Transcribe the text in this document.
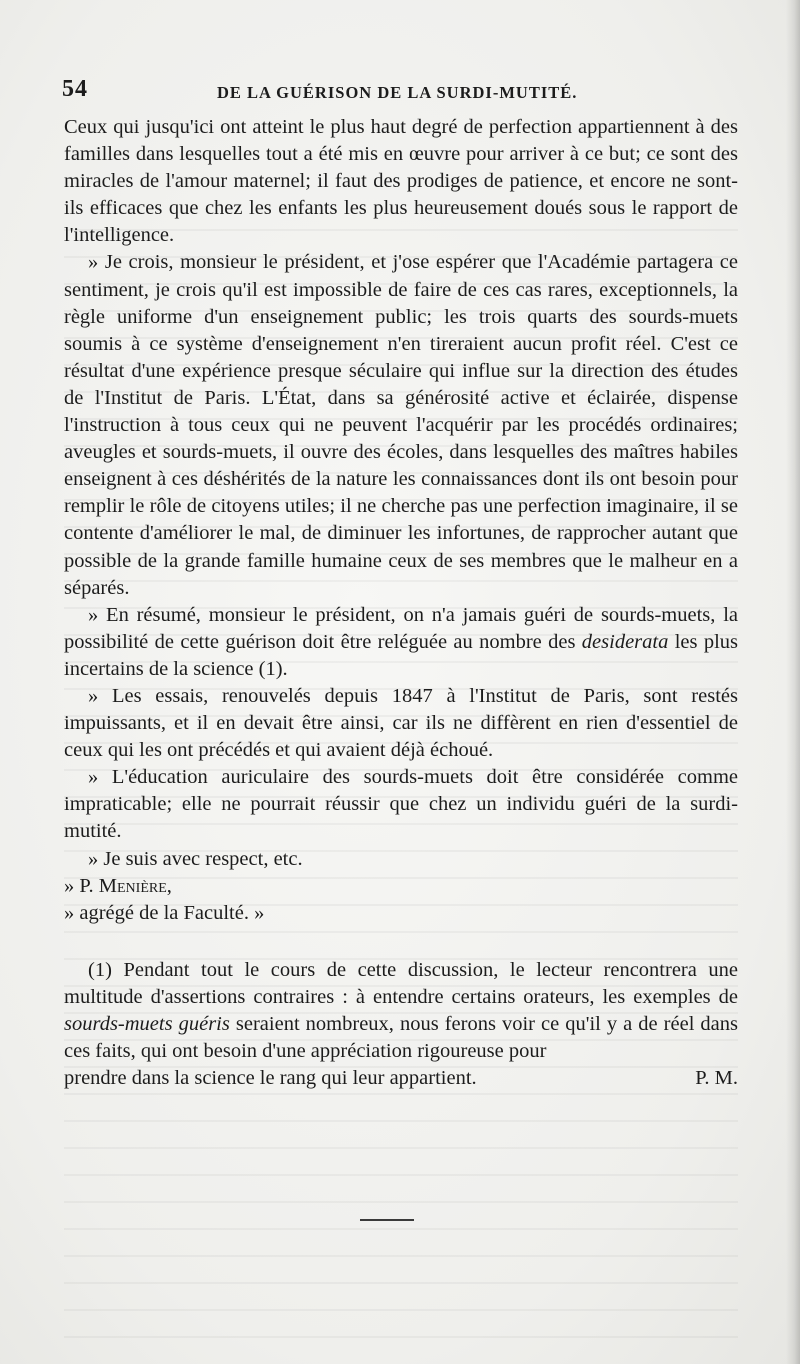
54	DE LA GUÉRISON DE LA SURDI-MUTITÉ.

Ceux qui jusqu'ici ont atteint le plus haut degré de perfection appartiennent à des familles dans lesquelles tout a été mis en œuvre pour arriver à ce but; ce sont des miracles de l'amour maternel; il faut des prodiges de patience, et encore ne sont-ils efficaces que chez les enfants les plus heureusement doués sous le rapport de l'intelligence.

» Je crois, monsieur le président, et j'ose espérer que l'Académie partagera ce sentiment, je crois qu'il est impossible de faire de ces cas rares, exceptionnels, la règle uniforme d'un enseignement public; les trois quarts des sourds-muets soumis à ce système d'enseignement n'en tireraient aucun profit réel. C'est ce résultat d'une expérience presque séculaire qui influe sur la direction des études de l'Institut de Paris. L'État, dans sa générosité active et éclairée, dispense l'instruction à tous ceux qui ne peuvent l'acquérir par les procédés ordinaires; aveugles et sourds-muets, il ouvre des écoles, dans lesquelles des maîtres habiles enseignent à ces déshérités de la nature les connaissances dont ils ont besoin pour remplir le rôle de citoyens utiles; il ne cherche pas une perfection imaginaire, il se contente d'améliorer le mal, de diminuer les infortunes, de rapprocher autant que possible de la grande famille humaine ceux de ses membres que le malheur en a séparés.

» En résumé, monsieur le président, on n'a jamais guéri de sourds-muets, la possibilité de cette guérison doit être reléguée au nombre des desiderata les plus incertains de la science (1).

» Les essais, renouvelés depuis 1847 à l'Institut de Paris, sont restés impuissants, et il en devait être ainsi, car ils ne diffèrent en rien d'essentiel de ceux qui les ont précédés et qui avaient déjà échoué.

» L'éducation auriculaire des sourds-muets doit être considérée comme impraticable; elle ne pourrait réussir que chez un individu guéri de la surdi-mutité.

» Je suis avec respect, etc.

» P. Menière,

» agrégé de la Faculté. »

(1) Pendant tout le cours de cette discussion, le lecteur rencontrera une multitude d'assertions contraires : à entendre certains orateurs, les exemples de sourds-muets guéris seraient nombreux, nous ferons voir ce qu'il y a de réel dans ces faits, qui ont besoin d'une appréciation rigoureuse pour

prendre dans la science le rang qui leur appartient.	P. M.
